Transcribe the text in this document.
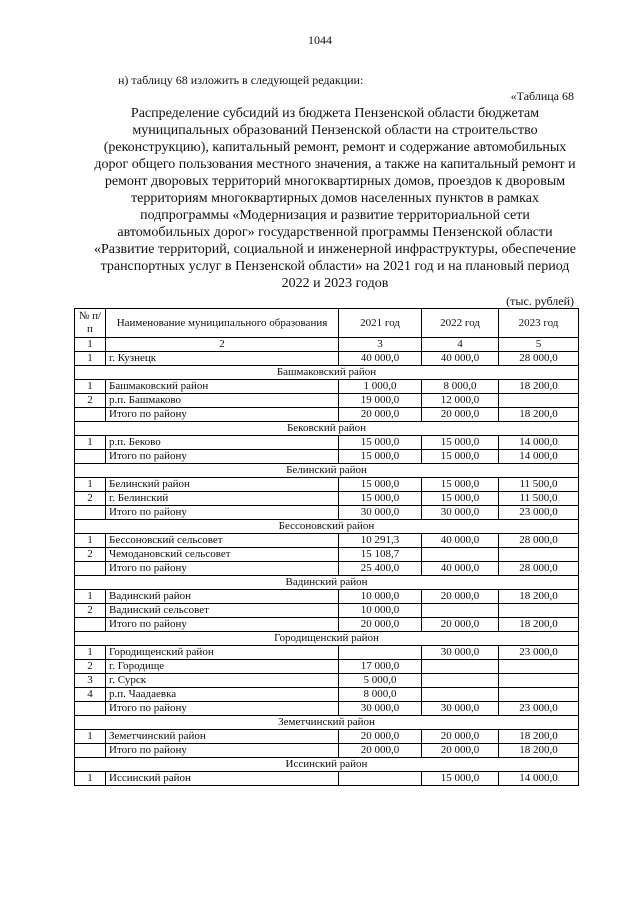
1044
н) таблицу 68 изложить в следующей редакции:
«Таблица 68
Распределение субсидий из бюджета Пензенской области бюджетам муниципальных образований Пензенской области на строительство (реконструкцию), капитальный ремонт, ремонт и содержание автомобильных дорог общего пользования местного значения, а также на капитальный ремонт и ремонт дворовых территорий многоквартирных домов, проездов к дворовым территориям многоквартирных домов населенных пунктов в рамках подпрограммы «Модернизация и развитие территориальной сети автомобильных дорог» государственной программы Пензенской области «Развитие территорий, социальной и инженерной инфраструктуры, обеспечение транспортных услуг в Пензенской области» на 2021 год и на плановый период 2022 и 2023 годов
(тыс. рублей)
№ п/п	Наименование муниципального образования	2021 год	2022 год	2023 год
1	2	3	4	5
1	г. Кузнецк	40 000,0	40 000,0	28 000,0
Башмаковский район				
1	Башмаковский район	1 000,0	8 000,0	18 200,0
2	р.п. Башмаково	19 000,0	12 000,0	
	Итого по району	20 000,0	20 000,0	18 200,0
Бековский район				
1	р.п. Беково	15 000,0	15 000,0	14 000,0
	Итого по району	15 000,0	15 000,0	14 000,0
Белинский район				
1	Белинский район	15 000,0	15 000,0	11 500,0
2	г. Белинский	15 000,0	15 000,0	11 500,0
	Итого по району	30 000,0	30 000,0	23 000,0
Бессоновский район				
1	Бессоновский сельсовет	10 291,3	40 000,0	28 000,0
2	Чемодановский сельсовет	15 108,7		
	Итого по району	25 400,0	40 000,0	28 000,0
Вадинский район				
1	Вадинский район	10 000,0	20 000,0	18 200,0
2	Вадинский сельсовет	10 000,0		
	Итого по району	20 000,0	20 000,0	18 200,0
Городищенский район				
1	Городищенский район		30 000,0	23 000,0
2	г. Городище	17 000,0		
3	г. Сурск	5 000,0		
4	р.п. Чаадаевка	8 000,0		
	Итого по району	30 000,0	30 000,0	23 000,0
Земетчинский район				
1	Земетчинский район	20 000,0	20 000,0	18 200,0
	Итого по району	20 000,0	20 000,0	18 200,0
Иссинский район				
1	Иссинский район		15 000,0	14 000,0
